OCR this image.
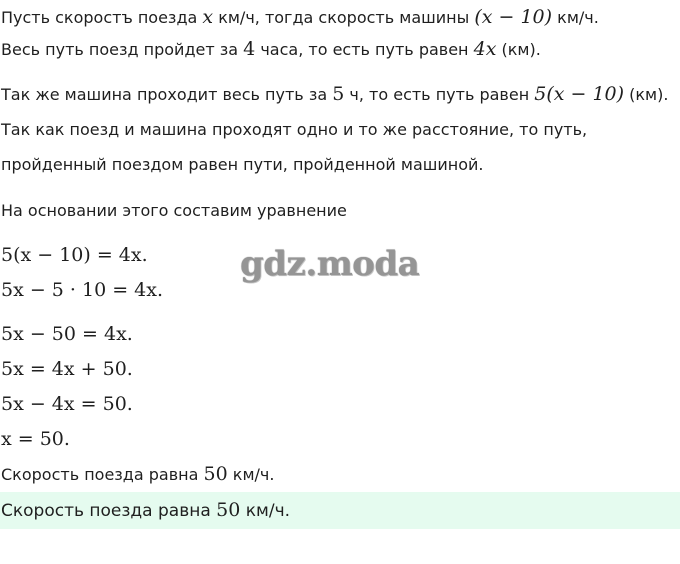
Пусть скоростъ поезда x км/ч, тогда скорость машины (x − 10) км/ч.
Весь путь поезд пройдет за 4 часа, то есть путь равен 4x (км).
Так же машина проходит весь путь за 5 ч, то есть путь равен 5(x − 10) (км).
Так как поезд и машина проходят одно и то же расстояние, то путь,
пройденный поездом равен пути, пройденной машиной.
На основании этого составим уравнение
5(x − 10) = 4x.
5x − 5 · 10 = 4x.
5x − 50 = 4x.
5x = 4x + 50.
5x − 4x = 50.
x = 50.
gdz.moda
Скорость поезда равна 50 км/ч.
Скорость поезда равна 50 км/ч.
